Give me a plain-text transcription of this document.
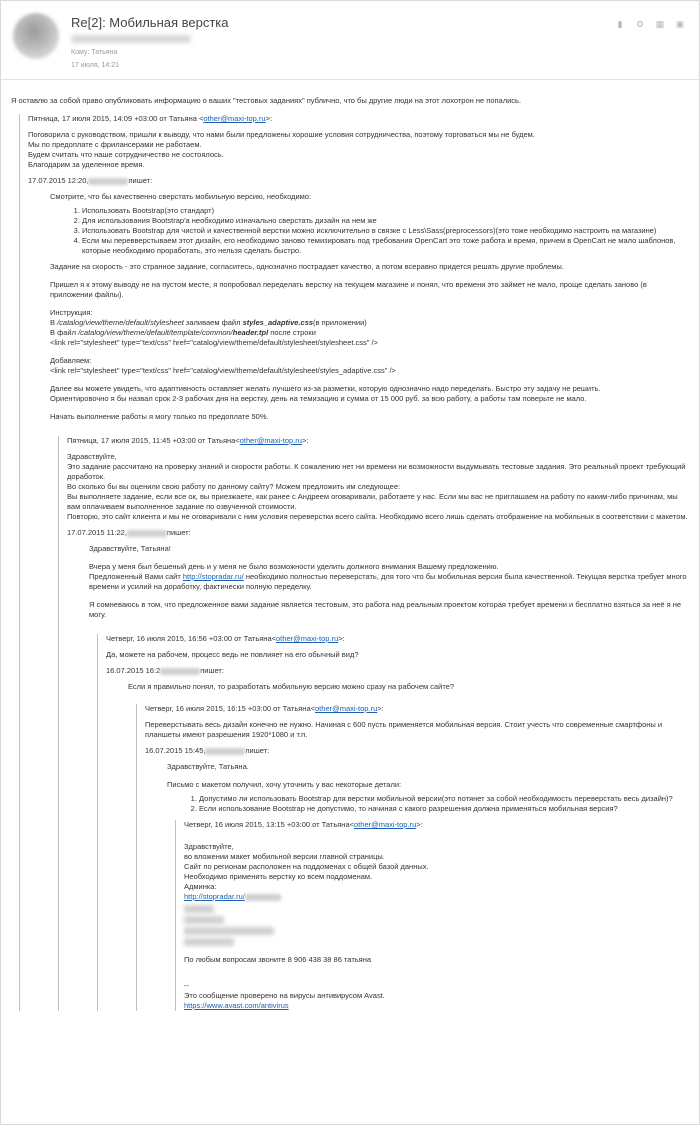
Re[2]: Мобильная верстка
Кому: Татьяна
17 июля, 14:21
▮ ⚙ ▦ ▣

Я оставлю за собой право опубликовать информацию о ваших "тестовых заданиях" публично, что бы другие люди на этот лохотрон не попались.

Пятница, 17 июля 2015, 14:09 +03:00 от Татьяна <other@maxi-top.ru>:

Поговорила с руководством, пришли к выводу, что нами были предложены хорошие условия сотрудничества, поэтому торговаться мы не будем.

Мы по предоплате с фрилансерами не работаем.

Будем считать что наше сотрудничество не состоялось.

Благодарим за уделенное время.

17.07.2015 12:20,	пишет:

Смотрите, что бы качественно сверстать мобильную версию, необходимо:

1. Использовать Bootstrap(это стандарт)
2. Для использования Bootstrap'a необходимо изначально сверстать дизайн на нем же
3. Использовать Bootstrap для чистой и качественной верстки можно исключительно в связке с Less\Sass(preprocessors)(это тоже необходимо настроить на магазине)
4. Если мы перевверстываем этот дизайн, его необходимо заново темизировать под требования OpenCart это тоже работа и время, причем в OpenCart не мало шаблонов, которые необходимо проработать, это нельзя сделать быстро.

Задание на скорость - это странное задание, согласитесь, однозначно пострадает качество, а потом всеравно придется решать другие проблемы.

Пришел я к этому выводу не на пустом месте, я попробовал переделать верстку на текущем магазине и понял, что времени это займет не мало, проще сделать заново (в приложении файлы).

Инструкция:

В /catalog/view/theme/default/stylesheet заливаем файл styles_adaptive.css(в приложении)

В файл /catalog/view/theme/default/template/common/header.tpl после строки

<link rel="stylesheet" type="text/css" href="catalog/view/theme/default/stylesheet/stylesheet.css" />

Добавляем:

<link rel="stylesheet" type="text/css" href="catalog/view/theme/default/stylesheet/styles_adaptive.css" />

Далее вы можете увидеть, что адаптивность оставляет желать лучшего из-за разметки, которую однозначно надо переделать. Быстро эту задачу не решить.

Ориентировочно я бы назвал срок 2-3 рабочих дня на верстку, день на темизацию и сумма от 15 000 руб. за всю работу, а работы там поверьте не мало.

Начать выполнение работы я могу только по предоплате 50%.

Пятница, 17 июля 2015, 11:45 +03:00 от Татьяна<other@maxi-top.ru>:

Здравствуйте,

Это задание рассчитано на проверку знаний и скорости работы. К сожалению нет ни времени ни возможности выдумывать тестовые задания. Это реальный проект требующий доработок.

Во сколько бы вы оценили свою работу по данному сайту? Можем предложить им следующее:

Вы выполняете задание, если все ок, вы приезжаете, как ранее с Андреем оговаривали, работаете у нас. Если мы вас не приглашаем на работу по каким-либо причинам, мы вам оплачиваем выполненное задание по озвученной стоимости.

Повторю, это сайт клиента и мы не оговаривали с ним условия переверстки всего сайта. Необходимо всего лишь сделать отображение на мобильных в соответствии с макетом.

17.07.2015 11:22,	пишет:

Здравствуйте, Татьяна!

Вчера у меня был бешеный день и у меня не было возможности уделить должного внимания Вашему предложению.

Предложенный Вами сайт http://stopradar.ru/ необходимо полностью переверстать, для того что бы мобильная версия была качественной. Текущая верстка требует много времени и усилий на доработку, фактически полную переделку.

Я сомневаюсь в том, что предложенное вами задание является тестовым, это работа над реальным проектом которая требует времени и бесплатно взяться за неё я не могу.

Четверг, 16 июля 2015, 16:56 +03:00 от Татьяна<other@maxi-top.ru>:

Да, можете на рабочем, процесс ведь не повлияет на его обычный вид?

16.07.2015 16:2	пишет:

Если я правильно понял, то разработать мобильную версию можно сразу на рабочем сайте?

Четверг, 16 июля 2015, 16:15 +03:00 от Татьяна<other@maxi-top.ru>:

Переверстывать весь дизайн конечно не нужно. Начиная с 600 пусть применяется мобильная версия. Стоит учесть что современные смартфоны и планшеты имеют разрешения 1920*1080 и т.п.

16.07.2015 15:45,	пишет:

Здравствуйте, Татьяна.

Письмо с макетом получил, хочу уточнить у вас некоторые детали:

1. Допустимо ли использовать Bootstrap для верстки мобильной версии(это потянет за собой необходимость переверстать весь дизайн)?
2. Если использование Bootstrap не допустимо, то начиная с какого разрешения должна применяться мобильная версия?

Четверг, 16 июля 2015, 13:15 +03:00 от Татьяна<other@maxi-top.ru>:

Здравствуйте,

во вложении макет мобильной версии главной страницы.

Сайт по регионам расположен на поддоменах с общей базой данных.

Необходимо применить верстку ко всем поддоменам.

Админка:

http://stopradar.ru/

По любым вопросам звоните 8 906 438 38 86 татьяна

--

Это сообщение проверено на вирусы антивирусом Avast.

https://www.avast.com/antivirus
